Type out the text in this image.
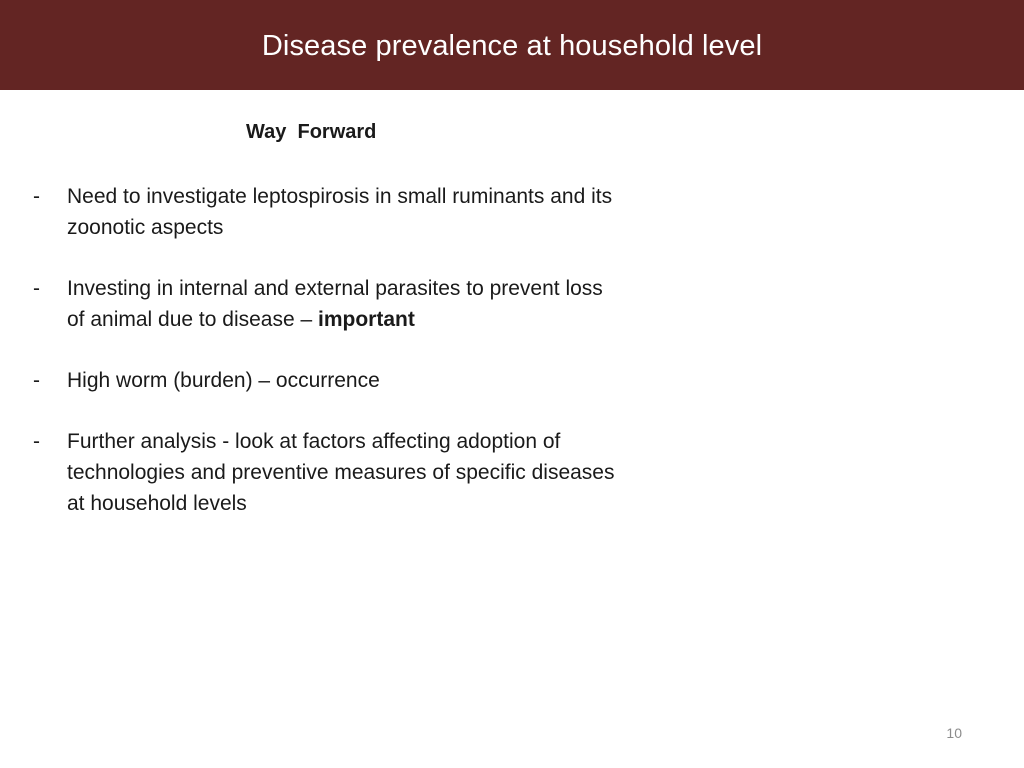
Disease prevalence at household level
Way  Forward
- Need to investigate leptospirosis in small ruminants and its zoonotic aspects
- Investing in internal and external parasites to prevent loss of animal due to disease – important
- High worm (burden) – occurrence
- Further analysis - look at factors affecting adoption of technologies and preventive measures of specific diseases at household levels
10
